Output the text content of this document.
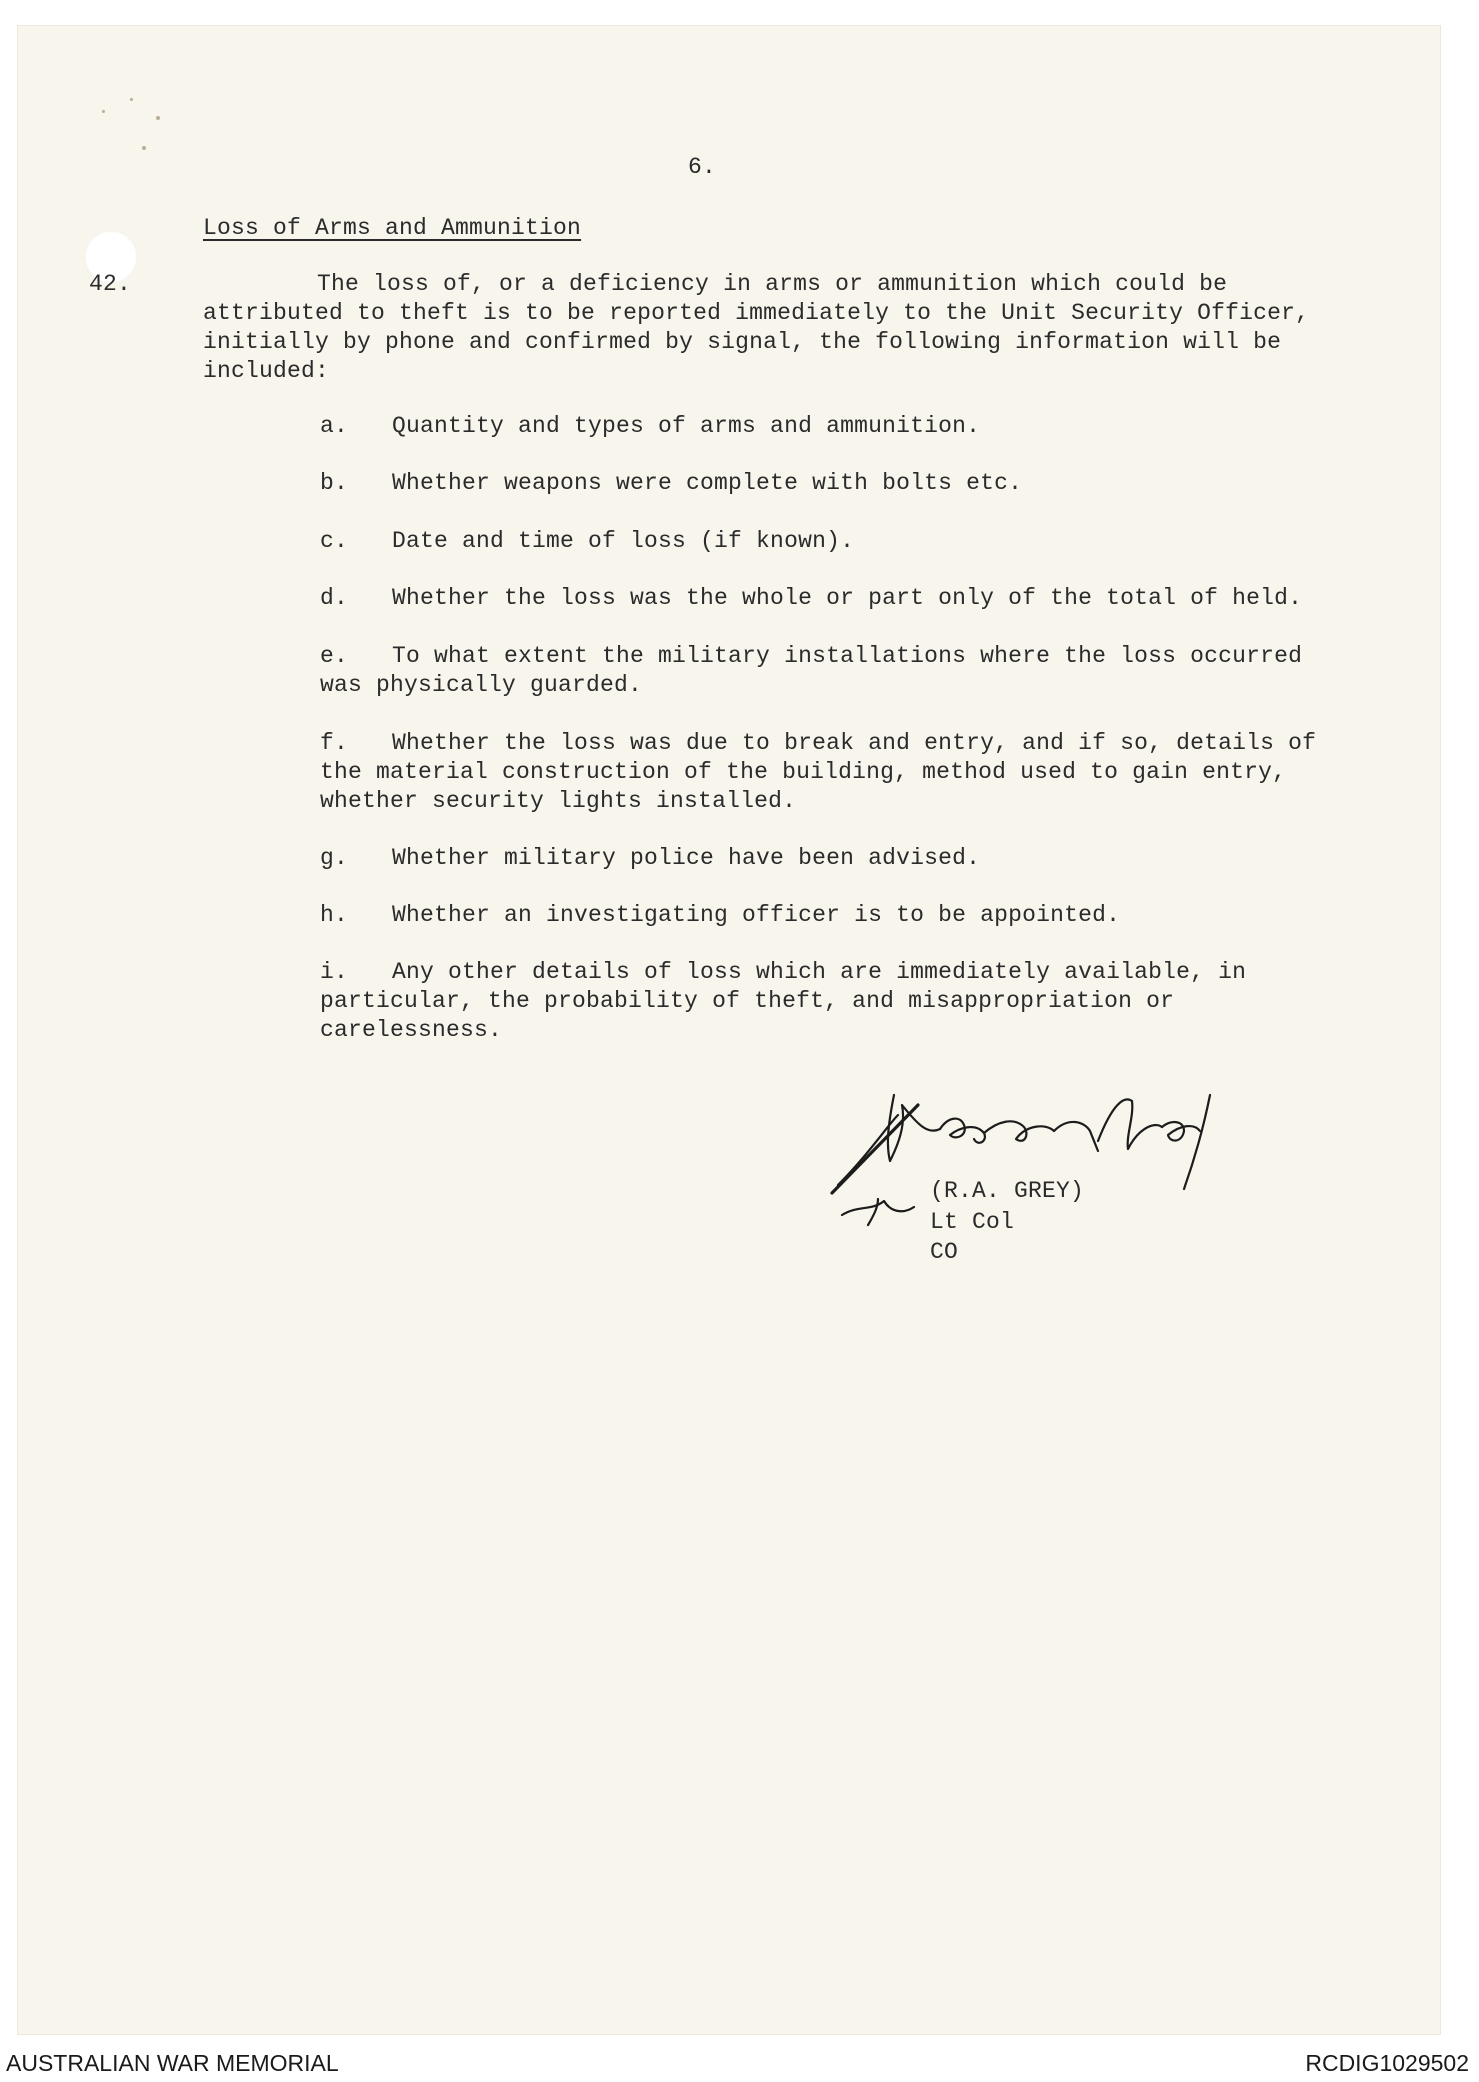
6.
Loss of Arms and Ammunition
42.	The loss of, or a deficiency in arms or ammunition which could be attributed to theft is to be reported immediately to the Unit Security Officer, initially by phone and confirmed by signal, the following information will be included:

a.

Quantity and types of arms and ammunition.

b.

Whether weapons were complete with bolts etc.

c.

Date and time of loss (if known).

d.

Whether the loss was the whole or part only of the total of held.

e.

	To what extent the military installations where the loss occurred was physically guarded.

f.

	Whether the loss was due to break and entry, and if so, details of the material construction of the building, method used to gain entry, whether security lights installed.

g.

Whether military police have been advised.

h.

Whether an investigating officer is to be appointed.

i.

	Any other details of loss which are immediately available, in particular, the probability of theft, and misappropriation or carelessness.

(R.A. GREY)
Lt Col
CO
AUSTRALIAN WAR MEMORIAL	RCDIG1029502
